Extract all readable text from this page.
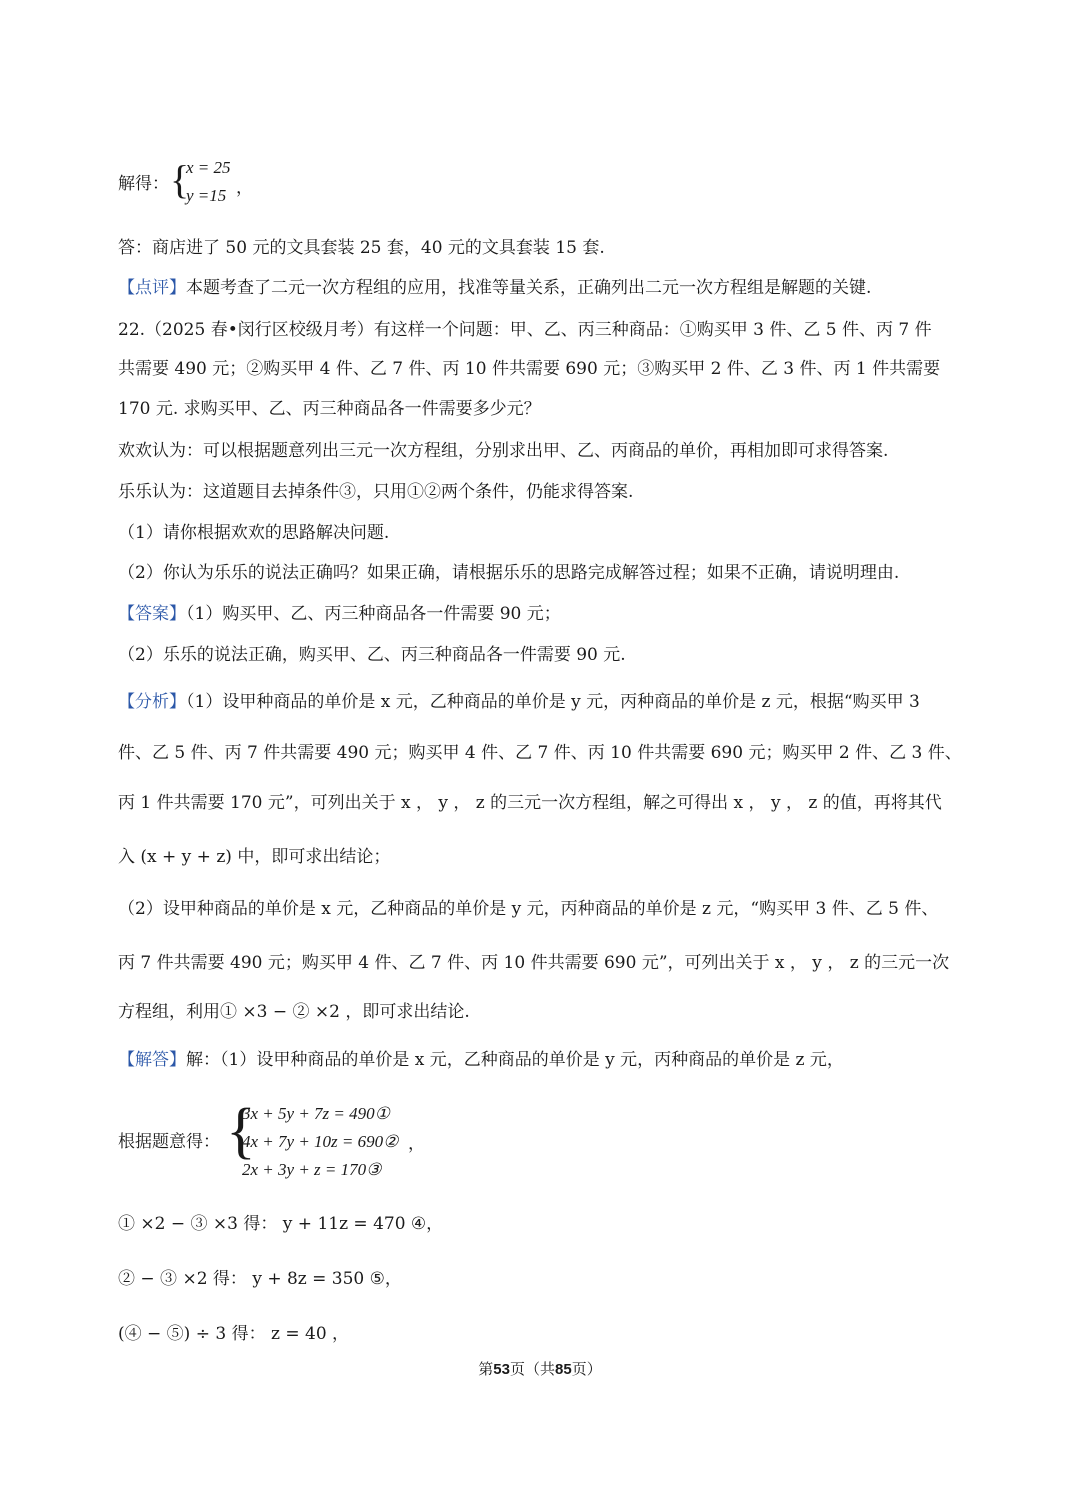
解得： {
x = 25
y =15 ，
答：商店进了 50 元的文具套装 25 套，40 元的文具套装 15 套.
【点评】本题考查了二元一次方程组的应用，找准等量关系，正确列出二元一次方程组是解题的关键.
22.（2025 春•闵行区校级月考）有这样一个问题：甲、乙、丙三种商品：①购买甲 3 件、乙 5 件、丙 7 件
共需要 490 元；②购买甲 4 件、乙 7 件、丙 10 件共需要 690 元；③购买甲 2 件、乙 3 件、丙 1 件共需要
170 元. 求购买甲、乙、丙三种商品各一件需要多少元？
欢欢认为：可以根据题意列出三元一次方程组，分别求出甲、乙、丙商品的单价，再相加即可求得答案.
乐乐认为：这道题目去掉条件③，只用①②两个条件，仍能求得答案.
（1）请你根据欢欢的思路解决问题.
（2）你认为乐乐的说法正确吗？如果正确，请根据乐乐的思路完成解答过程；如果不正确，请说明理由.
【答案】（1）购买甲、乙、丙三种商品各一件需要 90 元；
（2）乐乐的说法正确，购买甲、乙、丙三种商品各一件需要 90 元.
【分析】（1）设甲种商品的单价是 x 元，乙种商品的单价是 y 元，丙种商品的单价是 z 元，根据“购买甲 3
件、乙 5 件、丙 7 件共需要 490 元；购买甲 4 件、乙 7 件、丙 10 件共需要 690 元；购买甲 2 件、乙 3 件、
丙 1 件共需要 170 元”，可列出关于 x ， y ， z 的三元一次方程组，解之可得出 x ， y ， z 的值，再将其代
入 (x + y + z) 中，即可求出结论；
（2）设甲种商品的单价是 x 元，乙种商品的单价是 y 元，丙种商品的单价是 z 元，“购买甲 3 件、乙 5 件、
丙 7 件共需要 490 元；购买甲 4 件、乙 7 件、丙 10 件共需要 690 元”，可列出关于 x ， y ， z 的三元一次
方程组，利用① ×3 − ② ×2 ，即可求出结论.
【解答】解：（1）设甲种商品的单价是 x 元，乙种商品的单价是 y 元，丙种商品的单价是 z 元，
根据题意得： {
3x + 5y + 7z = 490①
4x + 7y + 10z = 690②
2x + 3y + z = 170③
，
① ×2 − ③ ×3 得： y + 11z = 470 ④，
② − ③ ×2 得： y + 8z = 350 ⑤，
(④ − ⑤) ÷ 3 得： z = 40 ，
第53页（共85页）
